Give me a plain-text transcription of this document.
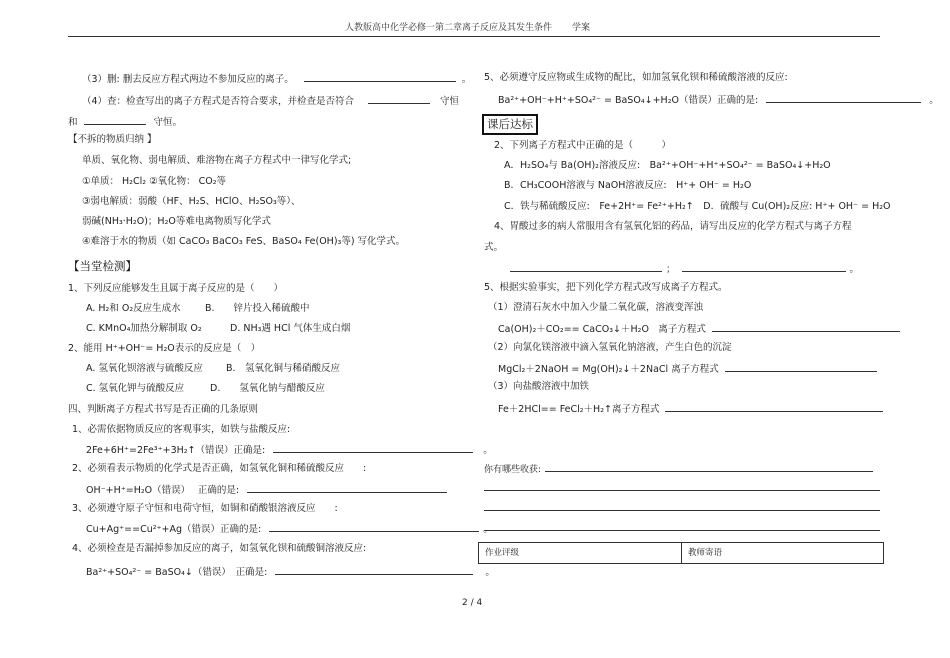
人教版高中化学必修一第二章离子反应及其发生条件 学案
（3）删: 删去反应方程式两边不参加反应的离子。	。
（4）查：检查写出的离子方程式是否符合要求，并检查是否符合	守恒
和	守恒。
【不拆的物质归纳 】
单质、氧化物、弱电解质、难溶物在离子方程式中一律写化学式;
①单质： H₂Cl₂ ②氧化物： CO₂等
③弱电解质：弱酸（HF、H₂S、HClO、H₂SO₃等）、
弱碱(NH₃·H₂O)；H₂O等难电离物质写化学式
④难溶于水的物质（如 CaCO₃ BaCO₃ FeS、BaSO₄ Fe(OH)₃等) 写化学式。
【当堂检测】
1、下列反应能够发生且属于离子反应的是（　　）
A. H₂和 O₂反应生成水	B.　　锌片投入稀硫酸中
C. KMnO₄加热分解制取 O₂	D. NH₃遇 HCl 气体生成白烟
2、能用 H⁺+OH⁻= H₂O表示的反应是（　）
A. 氢氧化钡溶液与硫酸反应 B.　氢氧化铜与稀硝酸反应
C. 氢氧化钾与硫酸反应	D.　　氢氧化钠与醋酸反应
四、判断离子方程式书写是否正确的几条原则
1、必需依据物质反应的客观事实，如铁与盐酸反应:
2Fe+6H⁺=2Fe³⁺+3H₂↑（错误）正确是:	。
2、必须看表示物质的化学式是否正确，如氢氧化铜和稀硫酸反应　　:
OH⁻+H⁺=H₂O（错误）　 正确的是:
3、必须遵守原子守恒和电荷守恒，如铜和硝酸银溶液反应　　:
Cu+Ag⁺==Cu²⁺+Ag（错误）正确的是:
4、必须检查是否漏掉参加反应的离子，如氢氧化钡和硫酸铜溶液反应:
Ba²⁺+SO₄²⁻ = BaSO₄↓（错误）　正确是:	。
5、必须遵守反应物或生成物的配比，如加氢氧化钡和稀硫酸溶液的反应:
Ba²⁺+OH⁻+H⁺+SO₄²⁻ = BaSO₄↓+H₂O（错误）正确的是:	。
课后达标
2、下列离子方程式中正确的是（　　　）
A．H₂SO₄与 Ba(OH)₂溶液反应:　Ba²⁺+OH⁻+H⁺+SO₄²⁻ = BaSO₄↓+H₂O
B．CH₃COOH溶液与 NaOH溶液反应:　H⁺+ OH⁻ = H₂O
C．铁与稀硫酸反应:　Fe+2H⁺= Fe²⁺+H₂↑　D．硫酸与 Cu(OH)₂反应: H⁺+ OH⁻ = H₂O
4、胃酸过多的病人常服用含有氢氧化铝的药品，请写出反应的化学方程式与离子方程
式。
；	。
5、根据实验事实，把下列化学方程式改写成离子方程式。
（1）澄清石灰水中加入少量二氧化碳，溶液变浑浊
Ca(OH)₂＋CO₂== CaCO₃↓＋H₂O　离子方程式
（2）向氯化镁溶液中滴入氢氧化钠溶液，产生白色的沉淀
MgCl₂＋2NaOH = Mg(OH)₂↓＋2NaCl 离子方程式
（3）向盐酸溶液中加铁
Fe＋2HCl== FeCl₂＋H₂↑离子方程式
你有哪些收获:
作业评级	教师寄语
2 / 4
